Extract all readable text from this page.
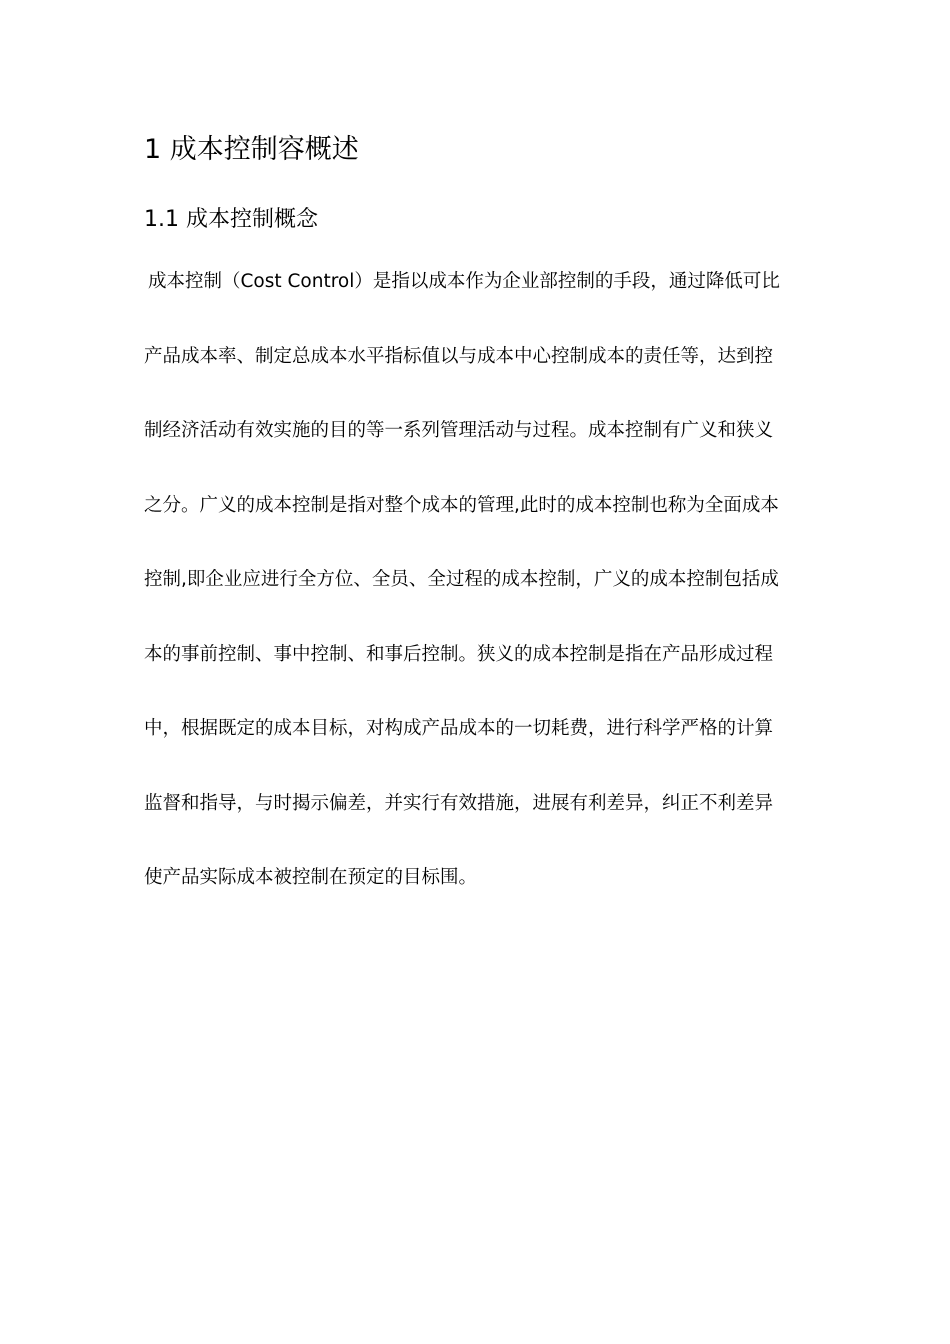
1 成本控制容概述
1.1 成本控制概念
成本控制（Cost Control）是指以成本作为企业部控制的手段，通过降低可比
产品成本率、制定总成本水平指标值以与成本中心控制成本的责任等，达到控
制经济活动有效实施的目的等一系列管理活动与过程。成本控制有广义和狭义
之分。广义的成本控制是指对整个成本的管理,此时的成本控制也称为全面成本
控制,即企业应进行全方位、全员、全过程的成本控制，广义的成本控制包括成
本的事前控制、事中控制、和事后控制。狭义的成本控制是指在产品形成过程
中，根据既定的成本目标，对构成产品成本的一切耗费，进行科学严格的计算
监督和指导，与时揭示偏差，并实行有效措施，进展有利差异，纠正不利差异
使产品实际成本被控制在预定的目标围。
